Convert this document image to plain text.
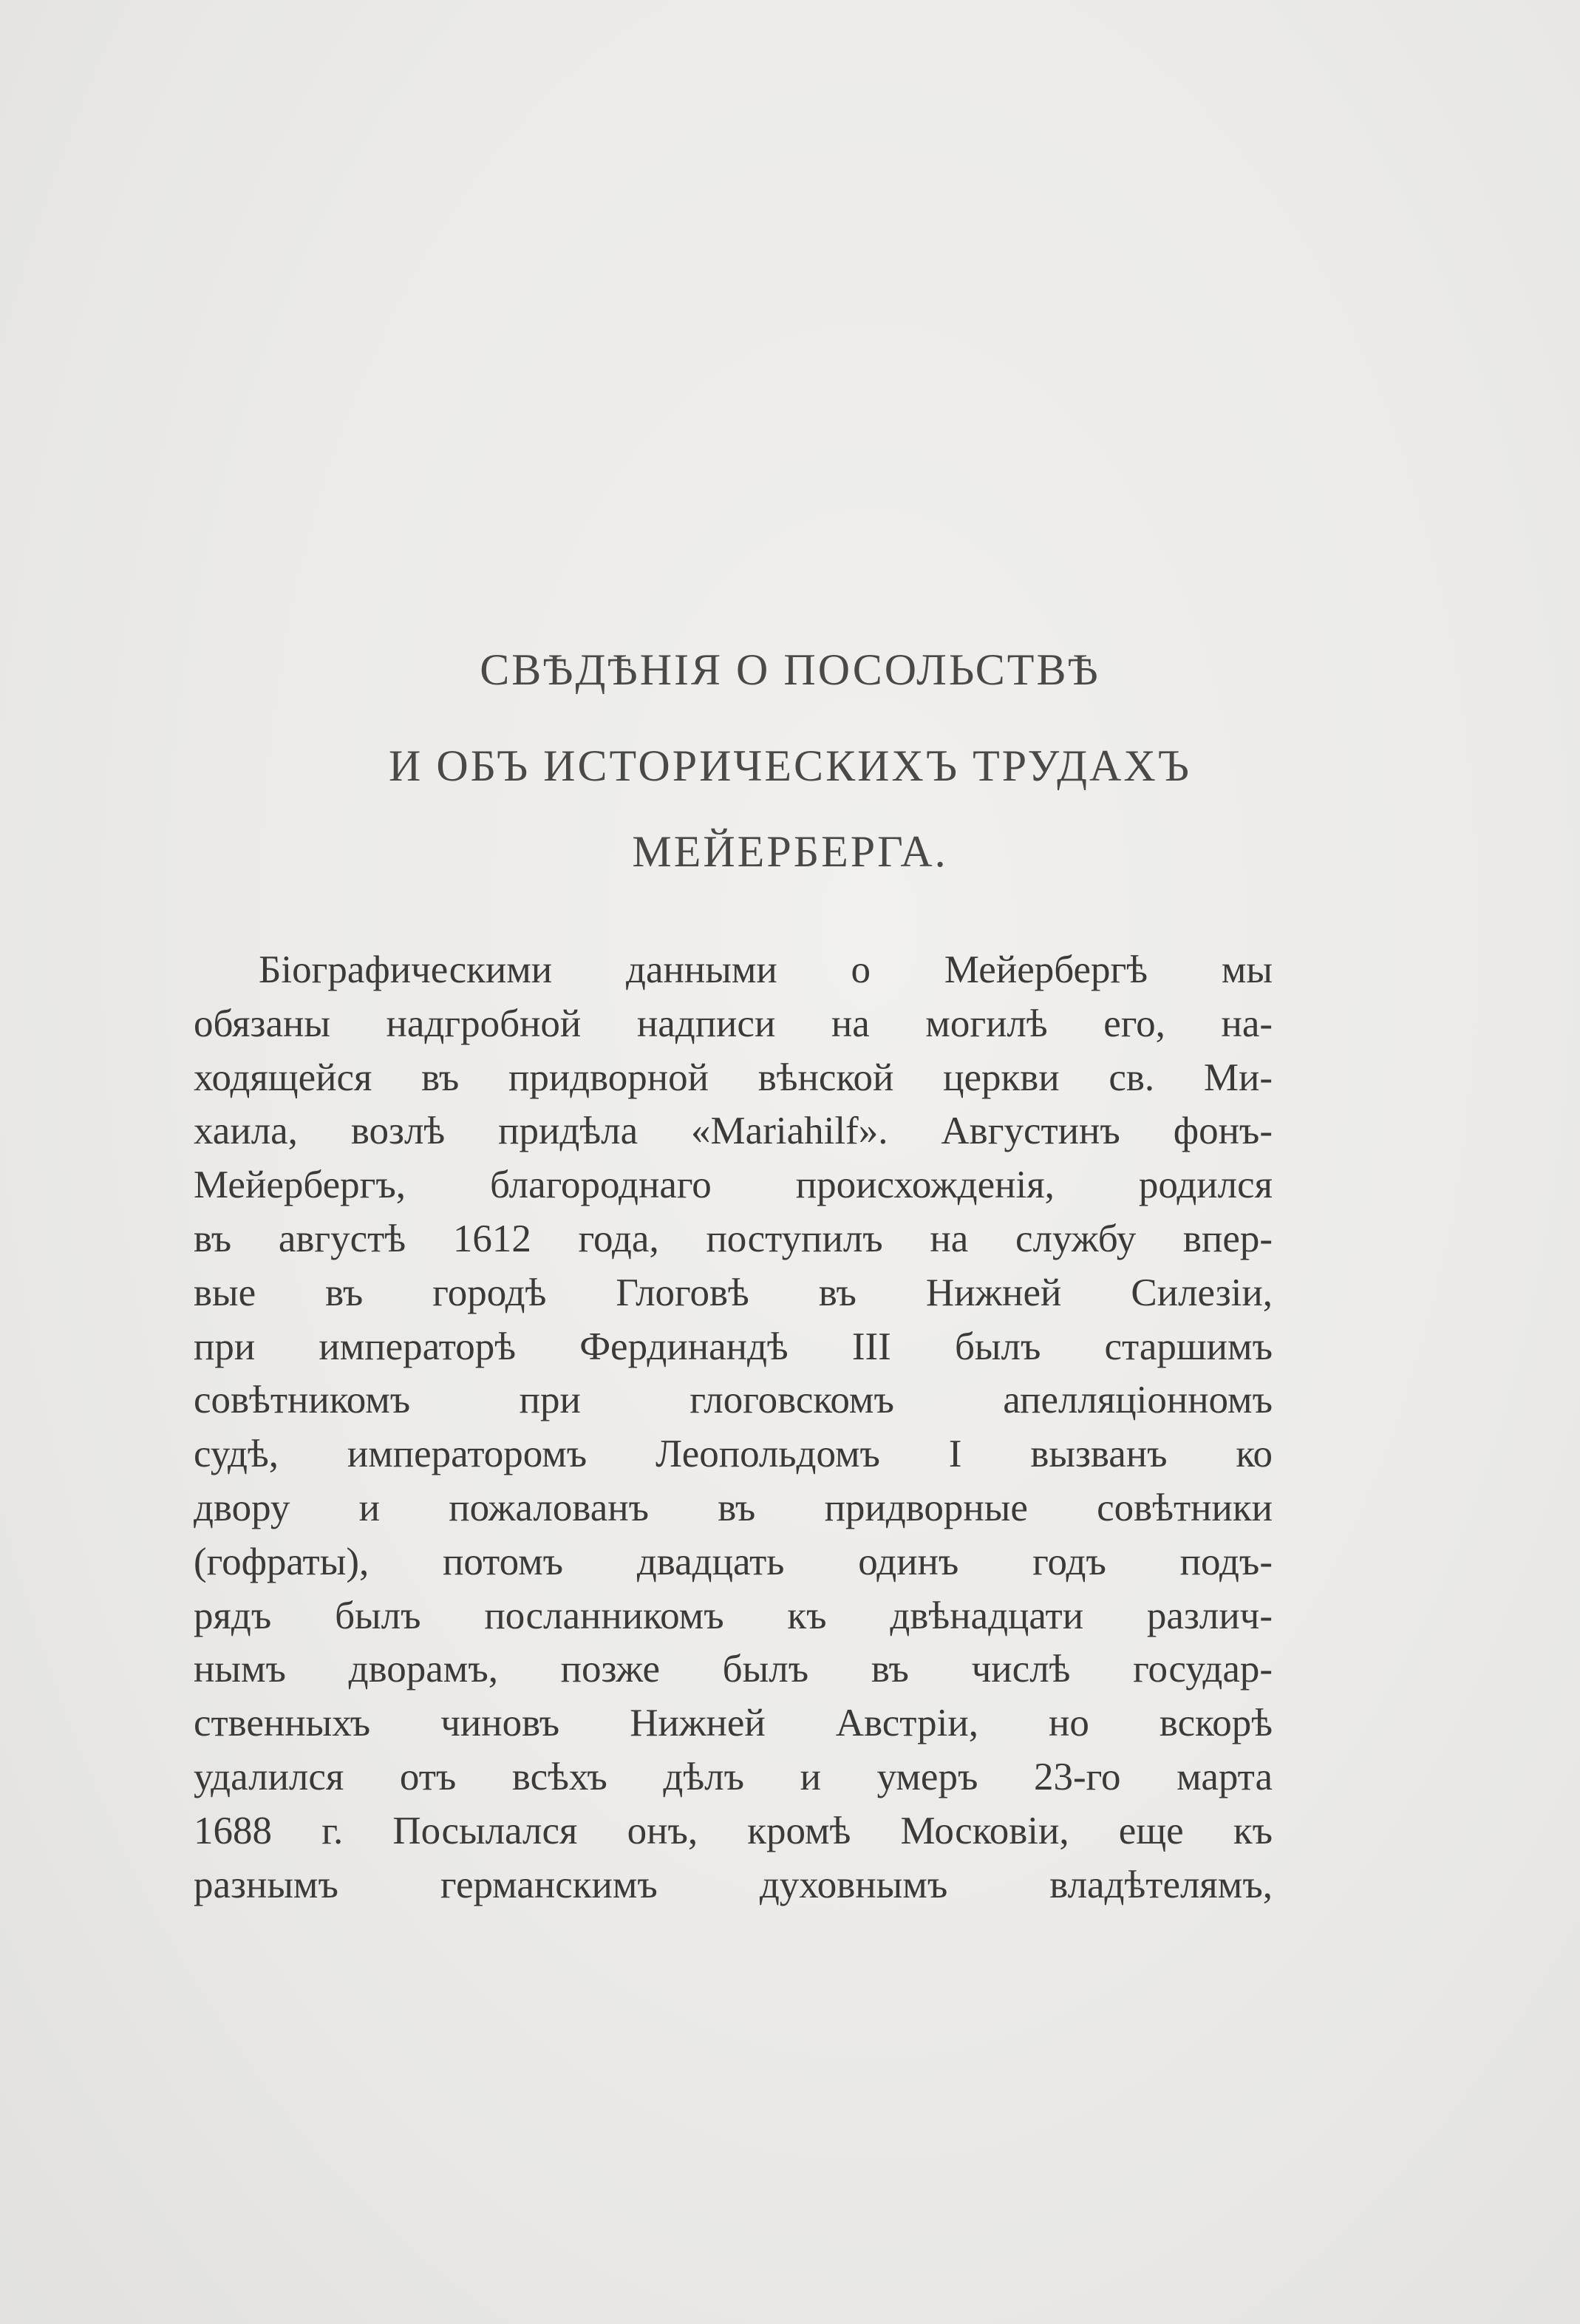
СВѢДѢНІЯ О ПОСОЛЬСТВѢ
И ОБЪ ИСТОРИЧЕСКИХЪ ТРУДАХЪ
МЕЙЕРБЕРГА.
Біографическими данными о Мейербергѣ мы
обязаны надгробной надписи на могилѣ его, на-
ходящейся въ придворной вѣнской церкви св. Ми-
хаила, возлѣ придѣла «Mariahilf». Августинъ фонъ-
Мейербергъ, благороднаго происхожденія, родился
въ августѣ 1612 года, поступилъ на службу впер-
вые въ городѣ Глоговѣ въ Нижней Силезіи,
при императорѣ Фердинандѣ III былъ старшимъ
совѣтникомъ при глоговскомъ апелляціонномъ
судѣ, императоромъ Леопольдомъ I вызванъ ко
двору и пожалованъ въ придворные совѣтники
(гофраты), потомъ двадцать одинъ годъ подъ-
рядъ былъ посланникомъ къ двѣнадцати различ-
нымъ дворамъ, позже былъ въ числѣ государ-
ственныхъ чиновъ Нижней Австріи, но вскорѣ
удалился отъ всѣхъ дѣлъ и умеръ 23-го марта
1688 г. Посылался онъ, кромѣ Московіи, еще къ
разнымъ германскимъ духовнымъ владѣтелямъ,
